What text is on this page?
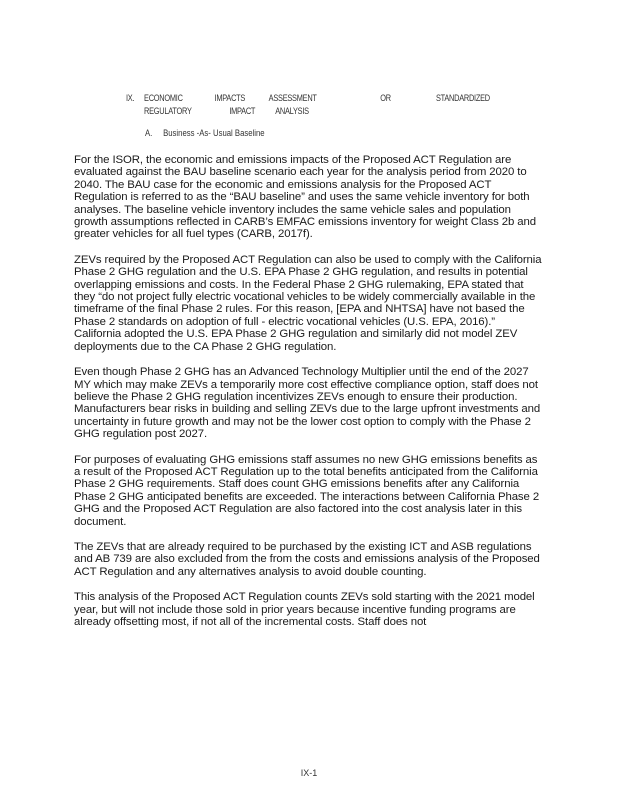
IX. ECONOMIC	IMPACTS	ASSESSMENT	OR	STANDARDIZED
REGULATORY	IMPACT ANALYSIS
A. Business -As- Usual Baseline

For the ISOR, the economic and emissions impacts of the Proposed ACT Regulation are evaluated against the BAU baseline scenario each year for the analysis period from 2020 to 2040. The BAU case for the economic and emissions analysis for the Proposed ACT Regulation is referred to as the “BAU baseline” and uses the same vehicle inventory for both analyses. The baseline vehicle inventory includes the same vehicle sales and population growth assumptions reflected in CARB’s EMFAC emissions inventory for weight Class 2b and greater vehicles for all fuel types (CARB, 2017f).

ZEVs required by the Proposed ACT Regulation can also be used to comply with the California Phase 2 GHG regulation and the U.S. EPA Phase 2 GHG regulation, and results in potential overlapping emissions and costs. In the Federal Phase 2 GHG rulemaking, EPA stated that they “do not project fully electric vocational vehicles to be widely commercially available in the timeframe of the final Phase 2 rules. For this reason, [EPA and NHTSA] have not based the Phase 2 standards on adoption of full - electric vocational vehicles (U.S. EPA, 2016).” California adopted the U.S. EPA Phase 2 GHG regulation and similarly did not model ZEV deployments due to the CA Phase 2 GHG regulation.

Even though Phase 2 GHG has an Advanced Technology Multiplier until the end of the 2027 MY which may make ZEVs a temporarily more cost effective compliance option, staff does not believe the Phase 2 GHG regulation incentivizes ZEVs enough to ensure their production. Manufacturers bear risks in building and selling ZEVs due to the large upfront investments and uncertainty in future growth and may not be the lower cost option to comply with the Phase 2 GHG regulation post 2027.

For purposes of evaluating GHG emissions staff assumes no new GHG emissions benefits as a result of the Proposed ACT Regulation up to the total benefits anticipated from the California Phase 2 GHG requirements. Staff does count GHG emissions benefits after any California Phase 2 GHG anticipated benefits are exceeded. The interactions between California Phase 2 GHG and the Proposed ACT Regulation are also factored into the cost analysis later in this document.

The ZEVs that are already required to be purchased by the existing ICT and ASB regulations and AB 739 are also excluded from the from the costs and emissions analysis of the Proposed ACT Regulation and any alternatives analysis to avoid double counting.

This analysis of the Proposed ACT Regulation counts ZEVs sold starting with the 2021 model year, but will not include those sold in prior years because incentive funding programs are already offsetting most, if not all of the incremental costs. Staff does not

IX-1
